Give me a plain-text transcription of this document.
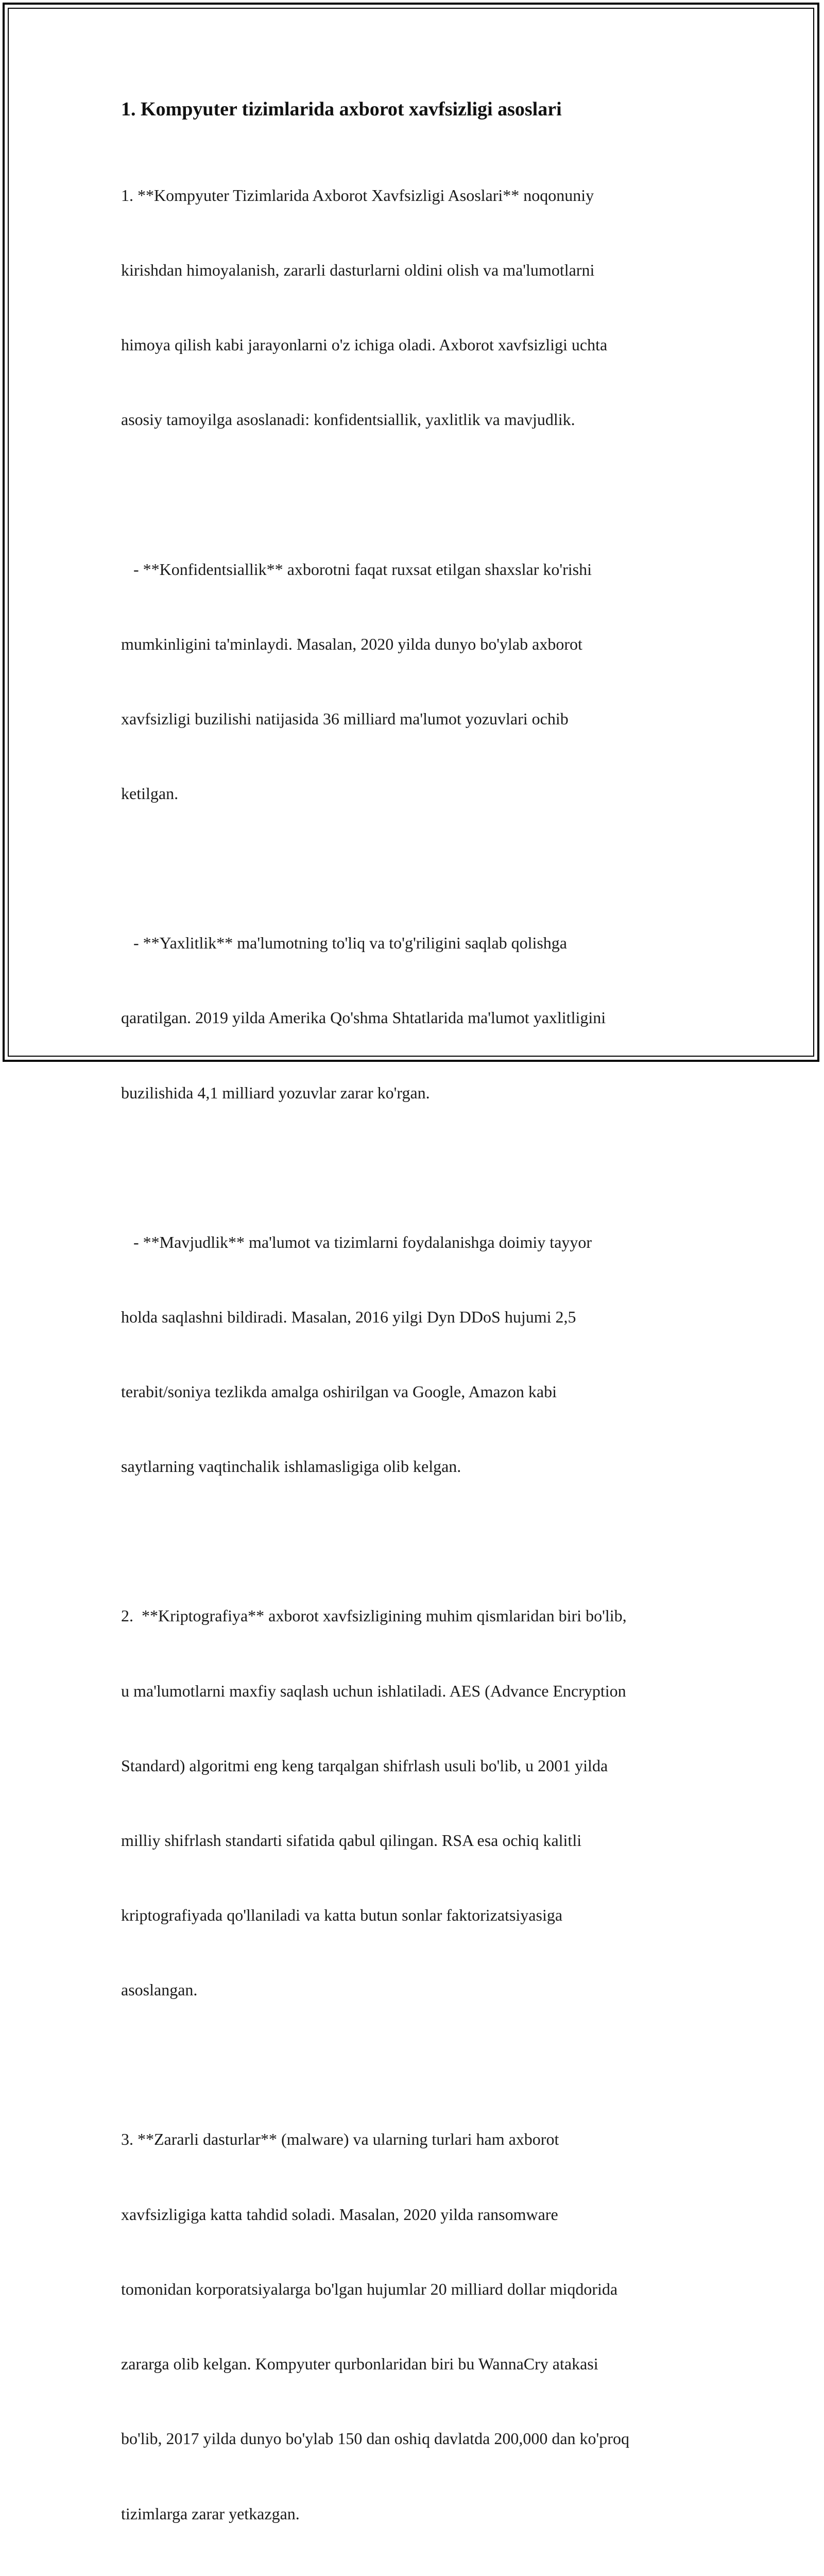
1. Kompyuter tizimlarida axborot xavfsizligi asoslari

1. **Kompyuter Tizimlarida Axborot Xavfsizligi Asoslari** noqonuniy

kirishdan himoyalanish, zararli dasturlarni oldini olish va ma'lumotlarni

himoya qilish kabi jarayonlarni o'z ichiga oladi. Axborot xavfsizligi uchta

asosiy tamoyilga asoslanadi: konfidentsiallik, yaxlitlik va mavjudlik.

- **Konfidentsiallik** axborotni faqat ruxsat etilgan shaxslar ko'rishi

mumkinligini ta'minlaydi. Masalan, 2020 yilda dunyo bo'ylab axborot

xavfsizligi buzilishi natijasida 36 milliard ma'lumot yozuvlari ochib

ketilgan.

- **Yaxlitlik** ma'lumotning to'liq va to'g'riligini saqlab qolishga

qaratilgan. 2019 yilda Amerika Qo'shma Shtatlarida ma'lumot yaxlitligini

buzilishida 4,1 milliard yozuvlar zarar ko'rgan.

- **Mavjudlik** ma'lumot va tizimlarni foydalanishga doimiy tayyor

holda saqlashni bildiradi. Masalan, 2016 yilgi Dyn DDoS hujumi 2,5

terabit/soniya tezlikda amalga oshirilgan va Google, Amazon kabi

saytlarning vaqtinchalik ishlamasligiga olib kelgan.

2.  **Kriptografiya** axborot xavfsizligining muhim qismlaridan biri bo'lib,

u ma'lumotlarni maxfiy saqlash uchun ishlatiladi. AES (Advance Encryption

Standard) algoritmi eng keng tarqalgan shifrlash usuli bo'lib, u 2001 yilda

milliy shifrlash standarti sifatida qabul qilingan. RSA esa ochiq kalitli

kriptografiyada qo'llaniladi va katta butun sonlar faktorizatsiyasiga

asoslangan.

3. **Zararli dasturlar** (malware) va ularning turlari ham axborot

xavfsizligiga katta tahdid soladi. Masalan, 2020 yilda ransomware

tomonidan korporatsiyalarga bo'lgan hujumlar 20 milliard dollar miqdorida

zararga olib kelgan. Kompyuter qurbonlaridan biri bu WannaCry atakasi

bo'lib, 2017 yilda dunyo bo'ylab 150 dan oshiq davlatda 200,000 dan ko'proq

tizimlarga zarar yetkazgan.
